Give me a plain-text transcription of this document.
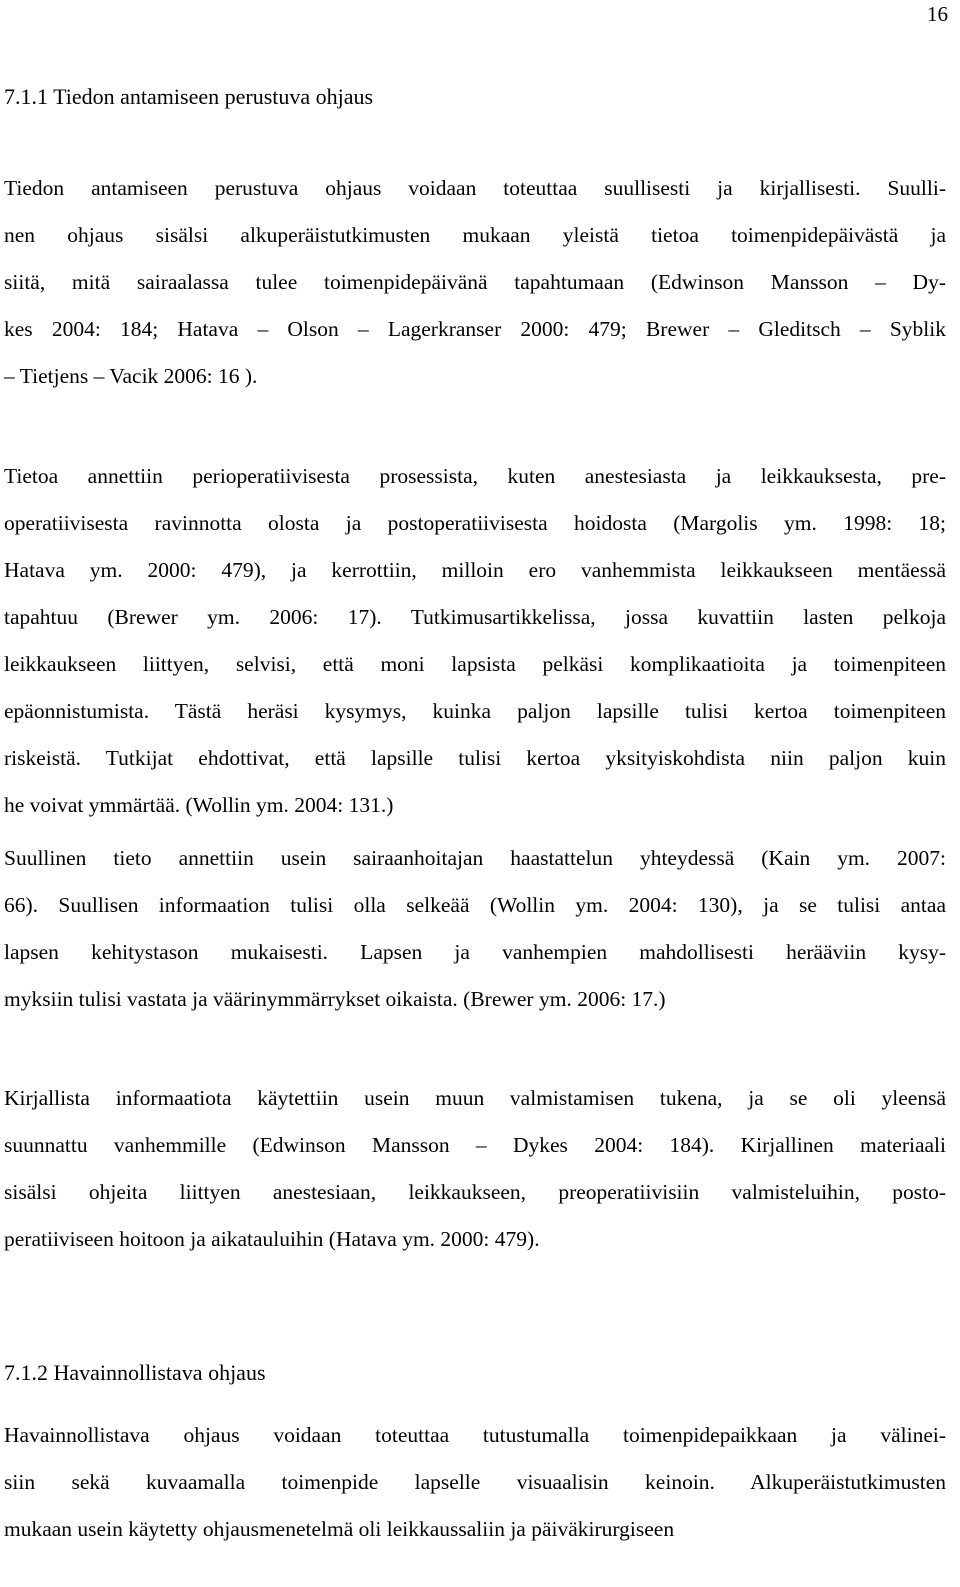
16
7.1.1 Tiedon antamiseen perustuva ohjaus
Tiedon antamiseen perustuva ohjaus voidaan toteuttaa suullisesti ja kirjallisesti. Suulli-
nen ohjaus sisälsi alkuperäistutkimusten mukaan yleistä tietoa toimenpidepäivästä ja
siitä, mitä sairaalassa tulee toimenpidepäivänä tapahtumaan (Edwinson Mansson – Dy-
kes 2004: 184; Hatava – Olson – Lagerkranser 2000: 479; Brewer – Gleditsch – Syblik
– Tietjens – Vacik 2006: 16 ).
Tietoa annettiin perioperatiivisesta prosessista, kuten anestesiasta ja leikkauksesta, pre-
operatiivisesta ravinnotta olosta ja postoperatiivisesta hoidosta (Margolis ym. 1998: 18;
Hatava ym. 2000: 479), ja kerrottiin, milloin ero vanhemmista leikkaukseen mentäessä
tapahtuu (Brewer ym. 2006: 17). Tutkimusartikkelissa, jossa kuvattiin lasten pelkoja
leikkaukseen liittyen, selvisi, että moni lapsista pelkäsi komplikaatioita ja toimenpiteen
epäonnistumista. Tästä heräsi kysymys, kuinka paljon lapsille tulisi kertoa toimenpiteen
riskeistä. Tutkijat ehdottivat, että lapsille tulisi kertoa yksityiskohdista niin paljon kuin
he voivat ymmärtää. (Wollin ym. 2004: 131.)
Suullinen tieto annettiin usein sairaanhoitajan haastattelun yhteydessä (Kain ym. 2007:
66). Suullisen informaation tulisi olla selkeää (Wollin ym. 2004: 130), ja se tulisi antaa
lapsen kehitystason mukaisesti. Lapsen ja vanhempien mahdollisesti herääviin kysy-
myksiin tulisi vastata ja väärinymmärrykset oikaista. (Brewer ym. 2006: 17.)
Kirjallista informaatiota käytettiin usein muun valmistamisen tukena, ja se oli yleensä
suunnattu vanhemmille (Edwinson Mansson – Dykes 2004: 184). Kirjallinen materiaali
sisälsi ohjeita liittyen anestesiaan, leikkaukseen, preoperatiivisiin valmisteluihin, posto-
peratiiviseen hoitoon ja aikatauluihin (Hatava ym. 2000: 479).
7.1.2 Havainnollistava ohjaus
Havainnollistava ohjaus voidaan toteuttaa tutustumalla toimenpidepaikkaan ja välinei-
siin sekä kuvaamalla toimenpide lapselle visuaalisin keinoin. Alkuperäistutkimusten
mukaan usein käytetty ohjausmenetelmä oli leikkaussaliin ja päiväkirurgiseen
